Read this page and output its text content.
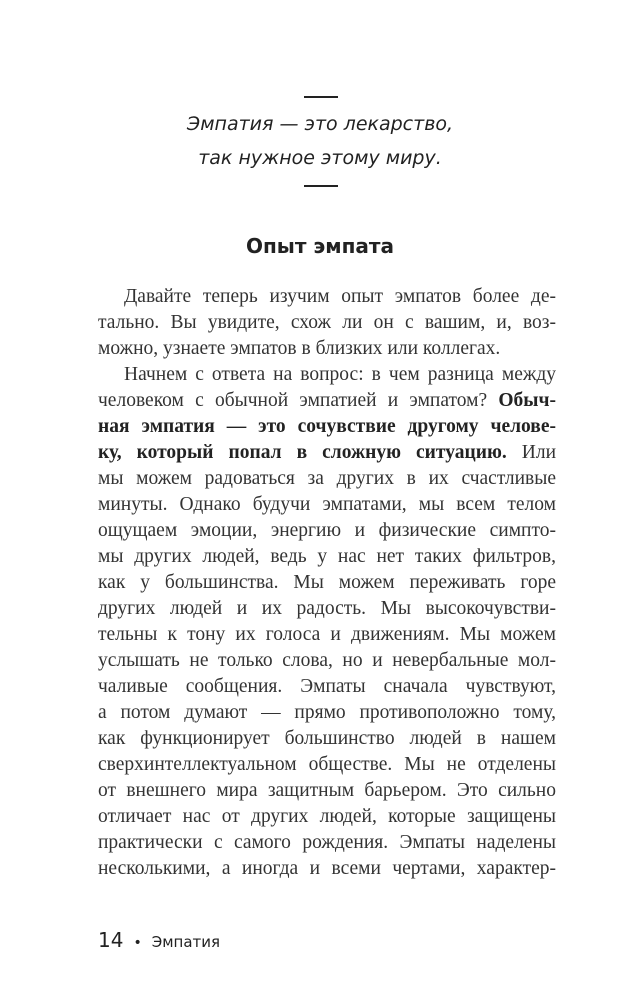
Эмпатия — это лекарство,
так нужное этому миру.
Опыт эмпата
Давайте теперь изучим опыт эмпатов более де-
тально. Вы увидите, схож ли он с вашим, и, воз-
можно, узнаете эмпатов в близких или коллегах.
Начнем с ответа на вопрос: в чем разница между
человеком с обычной эмпатией и эмпатом? Обыч-
ная эмпатия — это сочувствие другому челове-
ку, который попал в сложную ситуацию. Или
мы можем радоваться за других в их счастливые
минуты. Однако будучи эмпатами, мы всем телом
ощущаем эмоции, энергию и физические симпто-
мы других людей, ведь у нас нет таких фильтров,
как у большинства. Мы можем переживать горе
других людей и их радость. Мы высокочувстви-
тельны к тону их голоса и движениям. Мы можем
услышать не только слова, но и невербальные мол-
чаливые сообщения. Эмпаты сначала чувствуют,
а потом думают — прямо противоположно тому,
как функционирует большинство людей в нашем
сверхинтеллектуальном обществе. Мы не отделены
от внешнего мира защитным барьером. Это сильно
отличает нас от других людей, которые защищены
практически с самого рождения. Эмпаты наделены
несколькими, а иногда и всеми чертами, характер-
14 • Эмпатия
